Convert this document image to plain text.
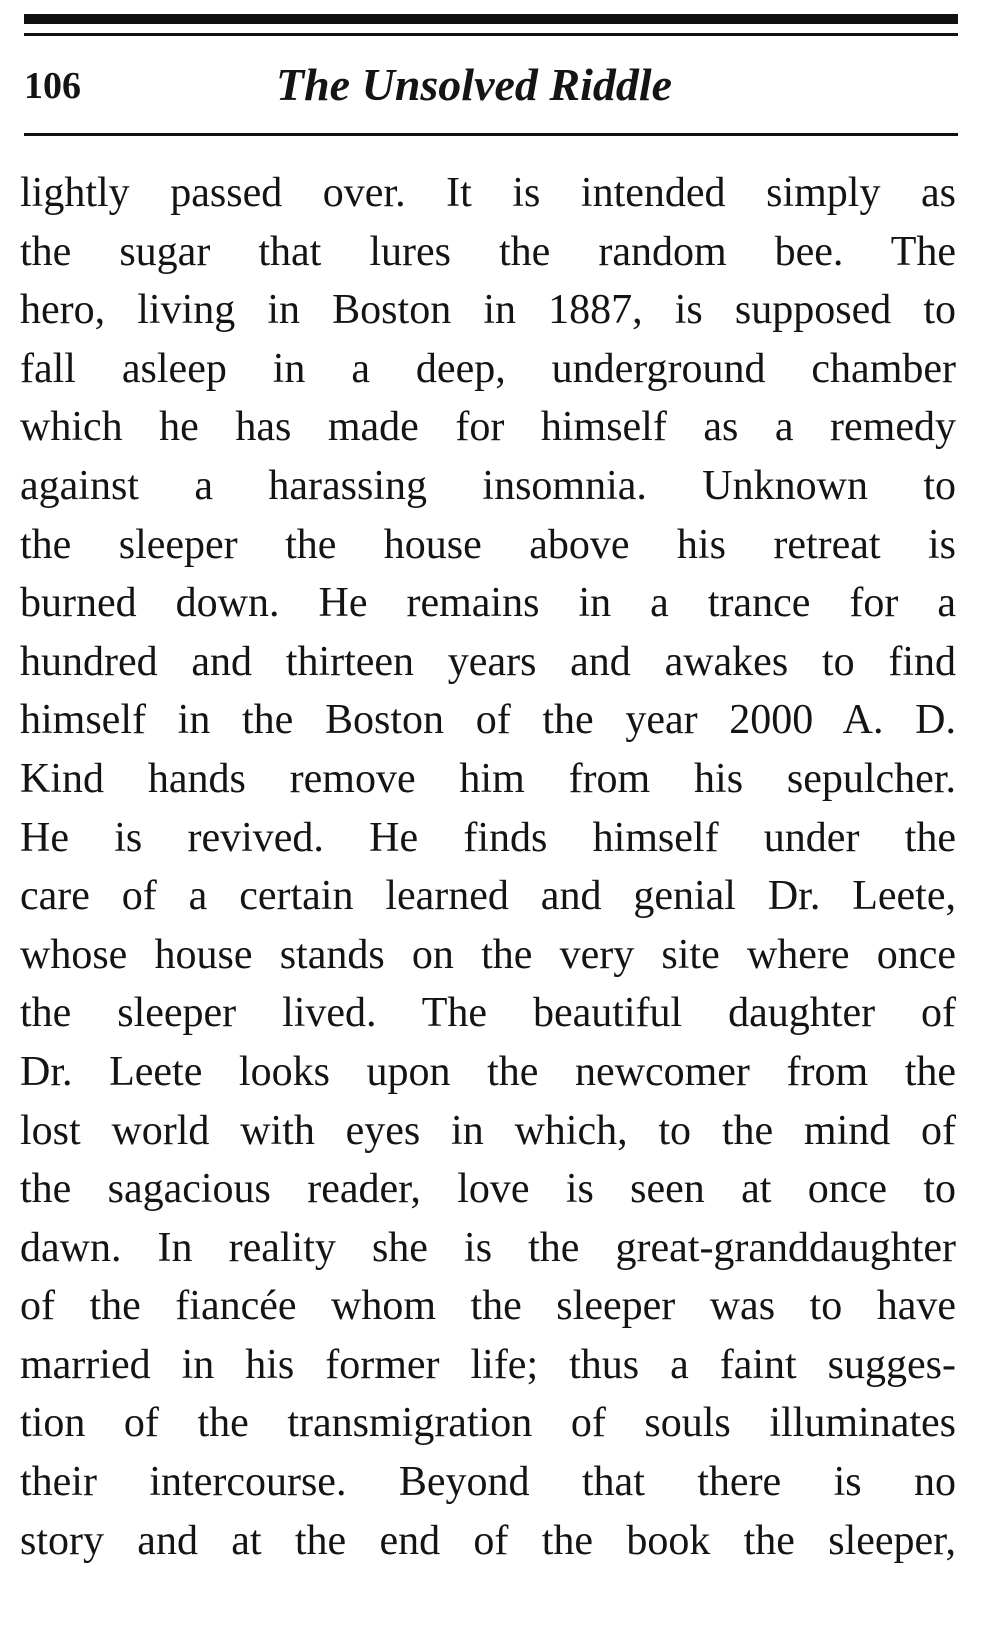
106	The Unsolved Riddle
lightly passed over. It is intended simply as
the sugar that lures the random bee. The
hero, living in Boston in 1887, is supposed to
fall asleep in a deep, underground chamber
which he has made for himself as a remedy
against a harassing insomnia. Unknown to
the sleeper the house above his retreat is
burned down. He remains in a trance for a
hundred and thirteen years and awakes to find
himself in the Boston of the year 2000 A. D.
Kind hands remove him from his sepulcher.
He is revived. He finds himself under the
care of a certain learned and genial Dr. Leete,
whose house stands on the very site where once
the sleeper lived. The beautiful daughter of
Dr. Leete looks upon the newcomer from the
lost world with eyes in which, to the mind of
the sagacious reader, love is seen at once to
dawn. In reality she is the great-granddaughter
of the fiancée whom the sleeper was to have
married in his former life; thus a faint sugges-
tion of the transmigration of souls illuminates
their intercourse. Beyond that there is no
story and at the end of the book the sleeper,
